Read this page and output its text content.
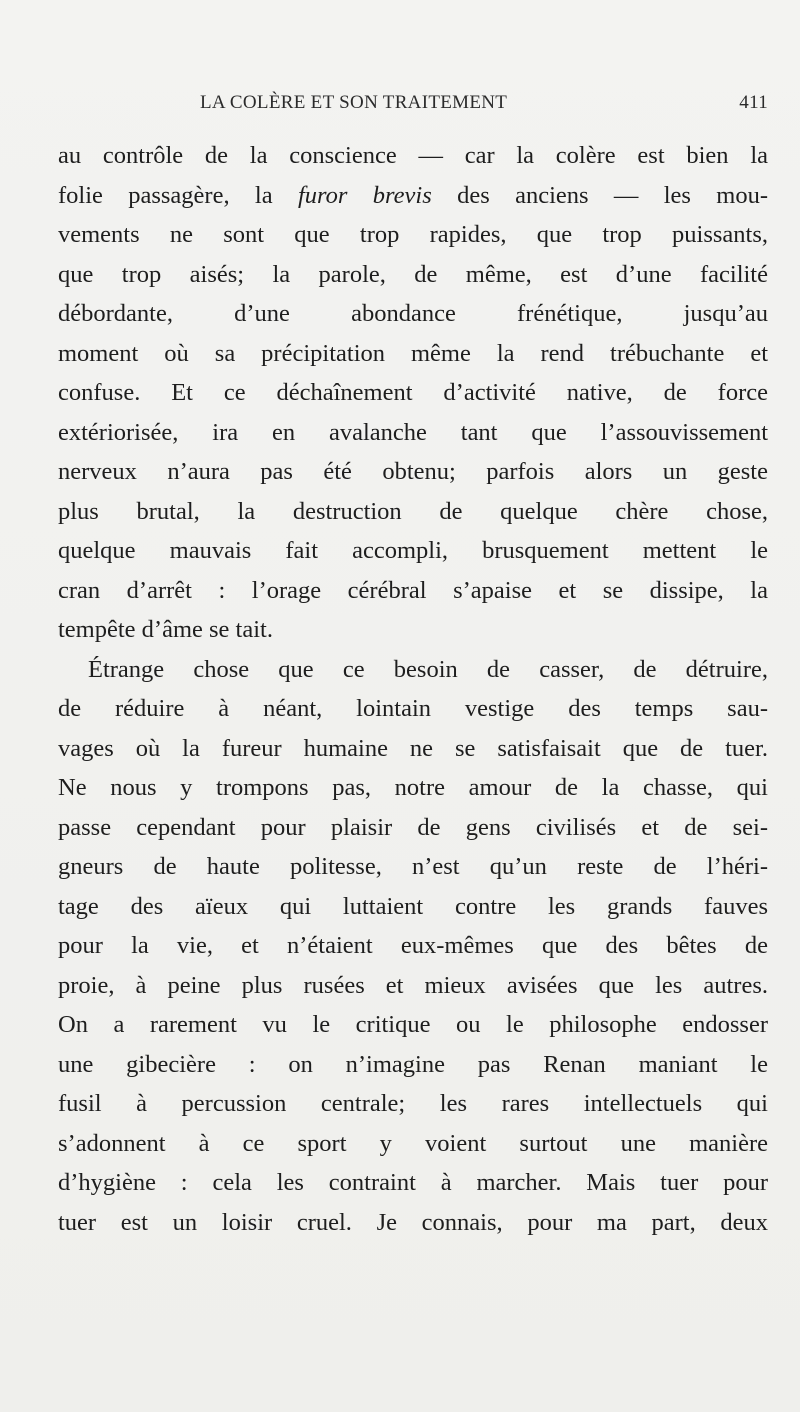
LA COLÈRE ET SON TRAITEMENT	411
au contrôle de la conscience — car la colère est bien la
folie passagère, la furor brevis des anciens — les mou-
vements ne sont que trop rapides, que trop puissants,
que trop aisés; la parole, de même, est d’une facilité
débordante, d’une abondance frénétique, jusqu’au
moment où sa précipitation même la rend trébuchante et
confuse. Et ce déchaînement d’activité native, de force
extériorisée, ira en avalanche tant que l’assouvissement
nerveux n’aura pas été obtenu; parfois alors un geste
plus brutal, la destruction de quelque chère chose,
quelque mauvais fait accompli, brusquement mettent le
cran d’arrêt : l’orage cérébral s’apaise et se dissipe, la
tempête d’âme se tait.
Étrange chose que ce besoin de casser, de détruire,
de réduire à néant, lointain vestige des temps sau-
vages où la fureur humaine ne se satisfaisait que de tuer.
Ne nous y trompons pas, notre amour de la chasse, qui
passe cependant pour plaisir de gens civilisés et de sei-
gneurs de haute politesse, n’est qu’un reste de l’héri-
tage des aïeux qui luttaient contre les grands fauves
pour la vie, et n’étaient eux-mêmes que des bêtes de
proie, à peine plus rusées et mieux avisées que les autres.
On a rarement vu le critique ou le philosophe endosser
une gibecière : on n’imagine pas Renan maniant le
fusil à percussion centrale; les rares intellectuels qui
s’adonnent à ce sport y voient surtout une manière
d’hygiène : cela les contraint à marcher. Mais tuer pour
tuer est un loisir cruel. Je connais, pour ma part, deux
